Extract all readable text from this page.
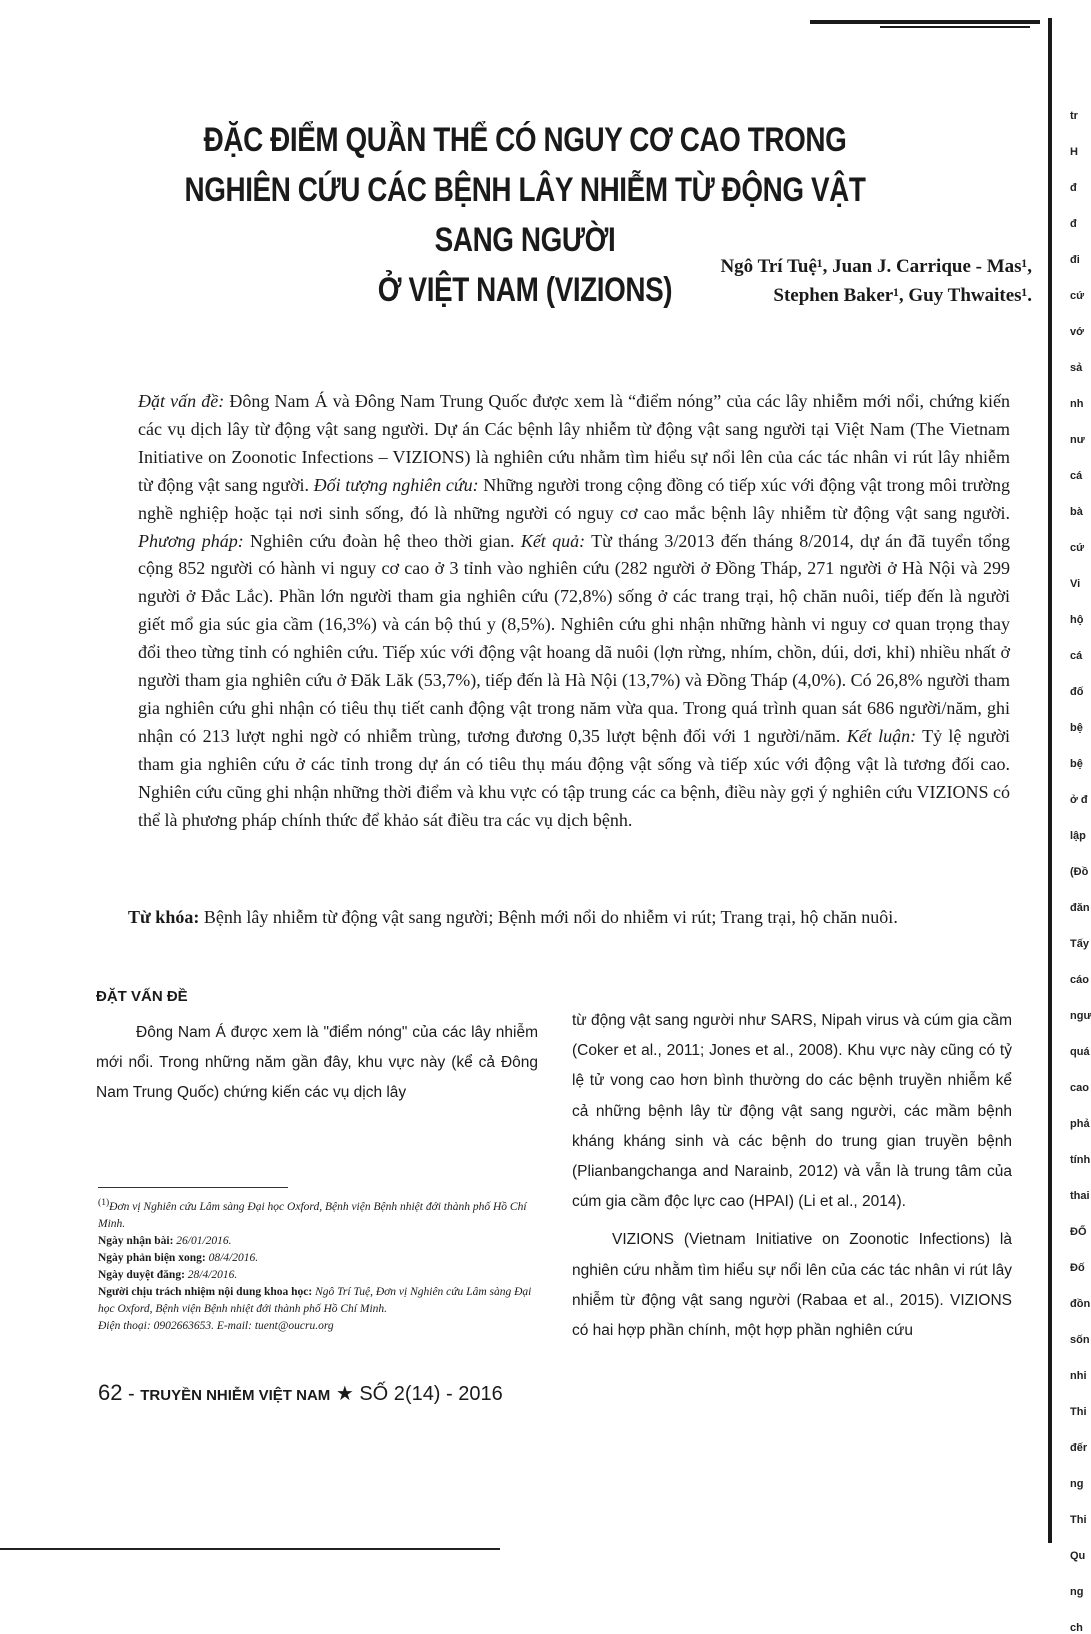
tr
H
đ
đ
đi
cứ
vớ
sả
nh
nư
cá
bà
cứ
Vi
hộ
cá
đố
bệ
bệ
ở đ
lập
(Đồ
đăn
Tấy
cáo
ngư
quá
cao
phả
tính
thai
ĐỐ
Đố
đồn
sốn
nhi
Thi
đếr
ng
Thi
Qu
ng
ch
ĐẶC ĐIỂM QUẦN THỂ CÓ NGUY CƠ CAO TRONG
NGHIÊN CỨU CÁC BỆNH LÂY NHIỄM TỪ ĐỘNG VẬT SANG NGƯỜI
Ở VIỆT NAM (VIZIONS)
Ngô Trí Tuệ¹, Juan J. Carrique - Mas¹,
Stephen Baker¹, Guy Thwaites¹.

Đặt vấn đề: Đông Nam Á và Đông Nam Trung Quốc được xem là “điểm nóng” của các lây nhiễm mới nổi, chứng kiến các vụ dịch lây từ động vật sang người. Dự án Các bệnh lây nhiễm từ động vật sang người tại Việt Nam (The Vietnam Initiative on Zoonotic Infections – VIZIONS) là nghiên cứu nhằm tìm hiểu sự nổi lên của các tác nhân vi rút lây nhiễm từ động vật sang người. Đối tượng nghiên cứu: Những người trong cộng đồng có tiếp xúc với động vật trong môi trường nghề nghiệp hoặc tại nơi sinh sống, đó là những người có nguy cơ cao mắc bệnh lây nhiễm từ động vật sang người. Phương pháp: Nghiên cứu đoàn hệ theo thời gian. Kết quả: Từ tháng 3/2013 đến tháng 8/2014, dự án đã tuyển tổng cộng 852 người có hành vi nguy cơ cao ở 3 tỉnh vào nghiên cứu (282 người ở Đồng Tháp, 271 người ở Hà Nội và 299 người ở Đắc Lắc). Phần lớn người tham gia nghiên cứu (72,8%) sống ở các trang trại, hộ chăn nuôi, tiếp đến là người giết mổ gia súc gia cầm (16,3%) và cán bộ thú y (8,5%). Nghiên cứu ghi nhận những hành vi nguy cơ quan trọng thay đổi theo từng tỉnh có nghiên cứu. Tiếp xúc với động vật hoang dã nuôi (lợn rừng, nhím, chồn, dúi, dơi, khỉ) nhiều nhất ở người tham gia nghiên cứu ở Đăk Lăk (53,7%), tiếp đến là Hà Nội (13,7%) và Đồng Tháp (4,0%). Có 26,8% người tham gia nghiên cứu ghi nhận có tiêu thụ tiết canh động vật trong năm vừa qua. Trong quá trình quan sát 686 người/năm, ghi nhận có 213 lượt nghi ngờ có nhiễm trùng, tương đương 0,35 lượt bệnh đối với 1 người/năm. Kết luận: Tỷ lệ người tham gia nghiên cứu ở các tỉnh trong dự án có tiêu thụ máu động vật sống và tiếp xúc với động vật là tương đối cao. Nghiên cứu cũng ghi nhận những thời điểm và khu vực có tập trung các ca bệnh, điều này gợi ý nghiên cứu VIZIONS có thể là phương pháp chính thức để khảo sát điều tra các vụ dịch bệnh.

Từ khóa: Bệnh lây nhiễm từ động vật sang người; Bệnh mới nổi do nhiễm vi rút; Trang trại, hộ chăn nuôi.

ĐẶT VẤN ĐỀ

Đông Nam Á được xem là "điểm nóng" của các lây nhiễm mới nổi. Trong những năm gần đây, khu vực này (kể cả Đông Nam Trung Quốc) chứng kiến các vụ dịch lây

từ động vật sang người như SARS, Nipah virus và cúm gia cầm (Coker et al., 2011; Jones et al., 2008). Khu vực này cũng có tỷ lệ tử vong cao hơn bình thường do các bệnh truyền nhiễm kể cả những bệnh lây từ động vật sang người, các mầm bệnh kháng kháng sinh và các bệnh do trung gian truyền bệnh (Plianbangchanga and Narainb, 2012) và vẫn là trung tâm của cúm gia cầm độc lực cao (HPAI) (Li et al., 2014).

VIZIONS (Vietnam Initiative on Zoonotic Infections) là nghiên cứu nhằm tìm hiểu sự nổi lên của các tác nhân vi rút lây nhiễm từ động vật sang người (Rabaa et al., 2015). VIZIONS có hai hợp phần chính, một hợp phần nghiên cứu

$^{(1)}$Đơn vị Nghiên cứu Lâm sàng Đại học Oxford, Bệnh viện Bệnh nhiệt đới thành phố Hồ Chí Minh.
Ngày nhận bài: 26/01/2016.
Ngày phản biện xong: 08/4/2016.
Ngày duyệt đăng: 28/4/2016.
Người chịu trách nhiệm nội dung khoa học: Ngô Trí Tuệ, Đơn vị Nghiên cứu Lâm sàng Đại học Oxford, Bệnh viện Bệnh nhiệt đới thành phố Hồ Chí Minh.
Điện thoại: 0902663653. E-mail: tuent@oucru.org
62 - TRUYỀN NHIỄM VIỆT NAM ★ SỐ 2(14) - 2016
